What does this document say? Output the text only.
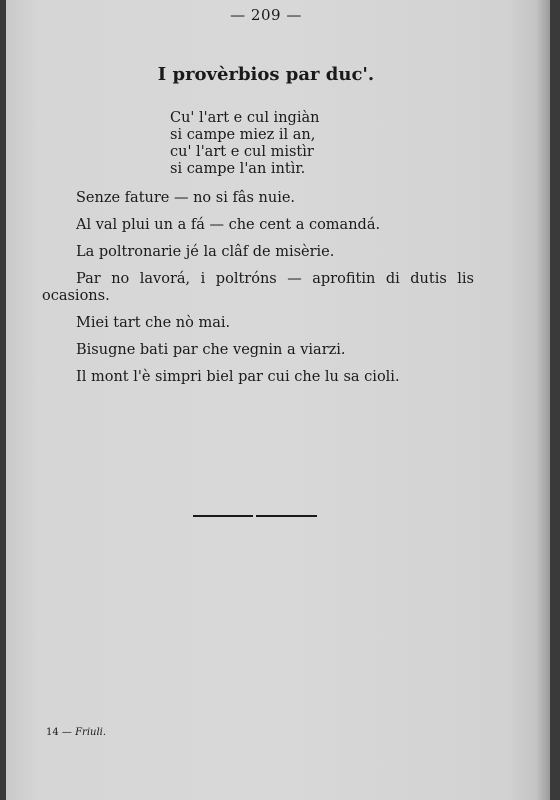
— 209 —
I provèrbios par duc'.
Cu' l'art e cul ingiàn
si campe miez il an,
cu' l'art e cul mistìr
si campe l'an intìr.

Senze fature — no si fâs nuie.

Al val plui un a fá — che cent a comandá.

La poltronarie jé la clâf de misèrie.

Par no lavorá, i poltróns — aprofitin di dutis lis ocasions.

Miei tart che nò mai.

Bisugne bati par che vegnin a viarzi.

Il mont l'è simpri biel par cui che lu sa cioli.

14 — Friuli.
